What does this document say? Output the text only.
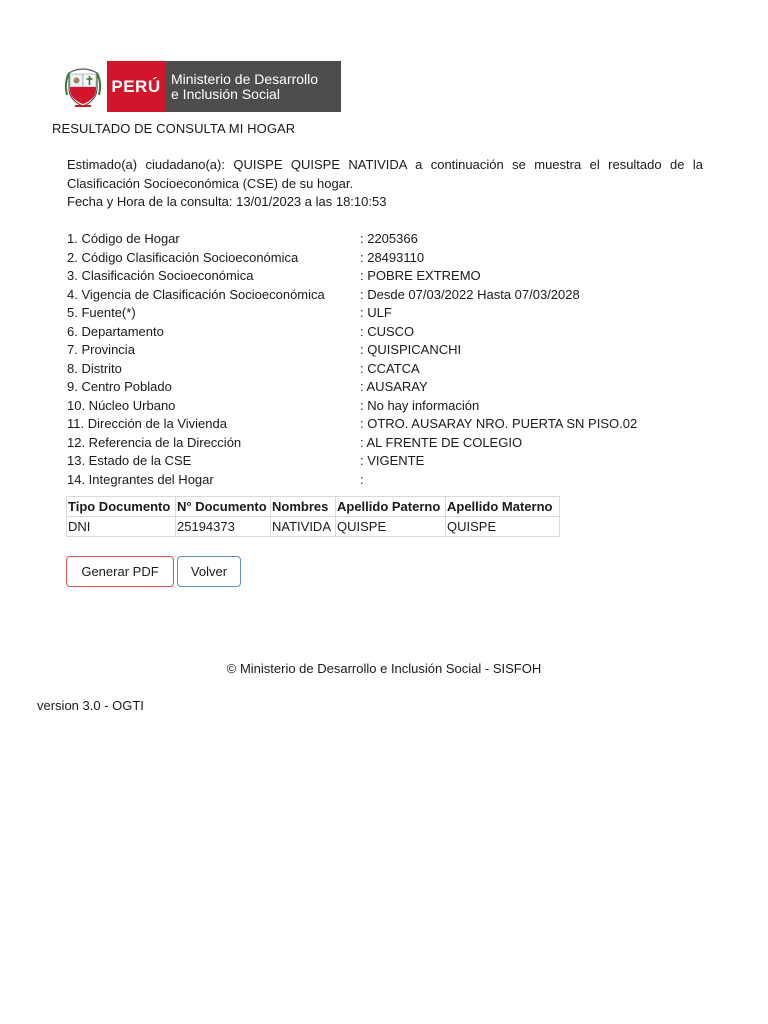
PERÚ Ministerio de Desarrollo
e Inclusión Social
RESULTADO DE CONSULTA MI HOGAR
Estimado(a) ciudadano(a): QUISPE QUISPE NATIVIDA a continuación se muestra el resultado de la Clasificación Socioeconómica (CSE) de su hogar.
Fecha y Hora de la consulta: 13/01/2023 a las 18:10:53
1. Código de Hogar	: 2205366
2. Código Clasificación Socioeconómica	: 28493110
3. Clasificación Socioeconómica	: POBRE EXTREMO
4. Vigencia de Clasificación Socioeconómica	: Desde 07/03/2022 Hasta 07/03/2028
5. Fuente(*)	: ULF
6. Departamento	: CUSCO
7. Provincia	: QUISPICANCHI
8. Distrito	: CCATCA
9. Centro Poblado	: AUSARAY
10. Núcleo Urbano	: No hay información
11. Dirección de la Vivienda	: OTRO. AUSARAY NRO. PUERTA SN PISO.02
12. Referencia de la Dirección	: AL FRENTE DE COLEGIO
13. Estado de la CSE	: VIGENTE
14. Integrantes del Hogar	:
Tipo Documento	N° Documento	Nombres	Apellido Paterno	Apellido Materno
DNI	25194373	NATIVIDA	QUISPE	QUISPE
Generar PDF	Volver
© Ministerio de Desarrollo e Inclusión Social - SISFOH
version 3.0 - OGTI
